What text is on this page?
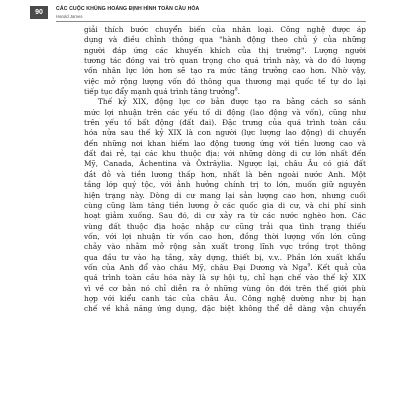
90	CÁC CUỘC KHỦNG HOẢNG ĐỊNH HÌNH TOÀN CẦU HÓA
Harold James
giải thích bước chuyển biến của nhân loại. Công nghệ được áp
dụng và điều chỉnh thông qua "hành động theo chủ ý của những
người đáp ứng các khuyến khích của thị trường". Lượng người
tương tác đóng vai trò quan trọng cho quá trình này, và do đó lượng
vốn nhân lực lớn hơn sẽ tạo ra mức tăng trưởng cao hơn. Nhờ vậy,
việc mở rộng lượng vốn đó thông qua thương mại quốc tế tự do lại
tiếp tục đẩy mạnh quá trình tăng trưởng$^8$.
Thế kỷ XIX, động lực cơ bản được tạo ra bằng cách so sánh
mức lợi nhuận trên các yếu tố di động (lao động và vốn), cũng như
trên yếu tố bất động (đất đai). Đặc trưng của quá trình toàn cầu
hóa nửa sau thế kỷ XIX là con người (lực lượng lao động) di chuyển
đến những nơi khan hiếm lao động tương ứng với tiền lương cao và
đất đai rẻ, tại các khu thuộc địa: với những dòng di cư lớn nhất đến
Mỹ, Canada, Áchentina và Ôxtrâylia. Ngược lại, châu Âu có giá đất
đắt đỏ và tiền lương thấp hơn, nhất là bên ngoài nước Anh. Một
tầng lớp quý tộc, với ảnh hưởng chính trị to lớn, muốn giữ nguyên
hiện trạng này. Dòng di cư mang lại sản lượng cao hơn, nhưng cuối
cùng cũng làm tăng tiền lương ở các quốc gia di cư, và chi phí sinh
hoạt giảm xuống. Sau đó, di cư xảy ra từ các nước nghèo hơn. Các
vùng đất thuộc địa hoặc nhập cư cũng trải qua tình trạng thiếu
vốn, với lợi nhuận từ vốn cao hơn, đồng thời lượng vốn lớn cũng
chảy vào nhằm mở rộng sản xuất trong lĩnh vực trồng trọt thông
qua đầu tư vào hạ tầng, xây dựng, thiết bị, v.v.. Phần lớn xuất khẩu
vốn của Anh đổ vào châu Mỹ, châu Đại Dương và Nga$^9$. Kết quả của
quá trình toàn cầu hóa này là sự hội tụ, chỉ hạn chế vào thế kỷ XIX
vì về cơ bản nó chỉ diễn ra ở những vùng ôn đới trên thế giới phù
hợp với kiểu canh tác của châu Âu. Công nghệ dường như bị hạn
chế về khả năng ứng dụng, đặc biệt không thể dễ dàng vận chuyển
